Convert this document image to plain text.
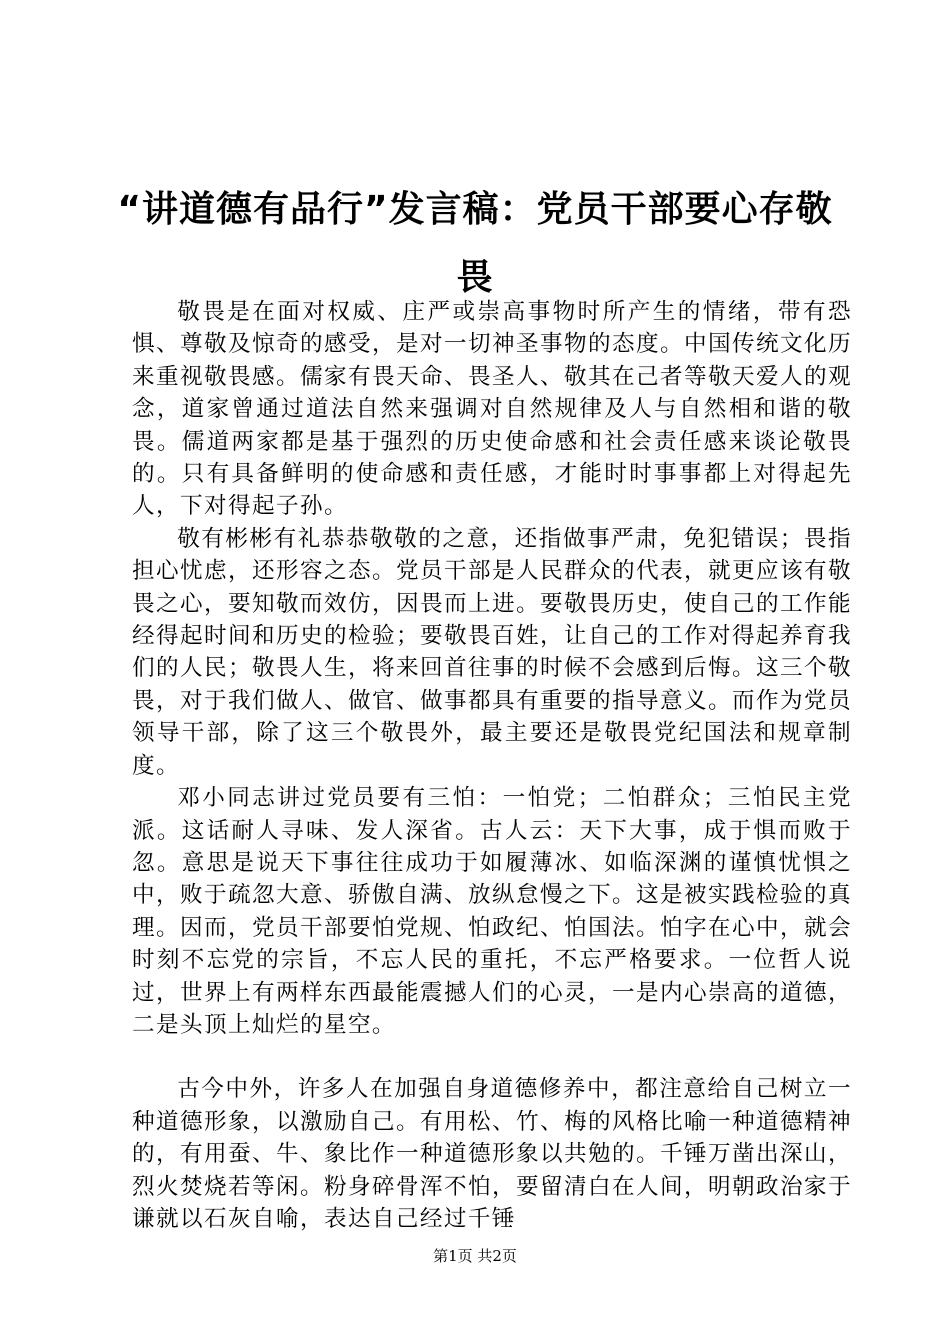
“讲道德有品行”发言稿：党员干部要心存敬畏

敬畏是在面对权威、庄严或崇高事物时所产生的情绪，带有恐惧、尊敬及惊奇的感受，是对一切神圣事物的态度。中国传统文化历来重视敬畏感。儒家有畏天命、畏圣人、敬其在己者等敬天爱人的观念，道家曾通过道法自然来强调对自然规律及人与自然相和谐的敬畏。儒道两家都是基于强烈的历史使命感和社会责任感来谈论敬畏的。只有具备鲜明的使命感和责任感，才能时时事事都上对得起先人，下对得起子孙。

敬有彬彬有礼恭恭敬敬的之意，还指做事严肃，免犯错误；畏指担心忧虑，还形容之态。党员干部是人民群众的代表，就更应该有敬畏之心，要知敬而效仿，因畏而上进。要敬畏历史，使自己的工作能经得起时间和历史的检验；要敬畏百姓，让自己的工作对得起养育我们的人民；敬畏人生，将来回首往事的时候不会感到后悔。这三个敬畏，对于我们做人、做官、做事都具有重要的指导意义。而作为党员领导干部，除了这三个敬畏外，最主要还是敬畏党纪国法和规章制度。

邓小同志讲过党员要有三怕：一怕党；二怕群众；三怕民主党派。这话耐人寻味、发人深省。古人云：天下大事，成于惧而败于忽。意思是说天下事往往成功于如履薄冰、如临深渊的谨慎忧惧之中，败于疏忽大意、骄傲自满、放纵怠慢之下。这是被实践检验的真理。因而，党员干部要怕党规、怕政纪、怕国法。怕字在心中，就会时刻不忘党的宗旨，不忘人民的重托，不忘严格要求。一位哲人说过，世界上有两样东西最能震撼人们的心灵，一是内心崇高的道德，二是头顶上灿烂的星空。

古今中外，许多人在加强自身道德修养中，都注意给自己树立一种道德形象，以激励自己。有用松、竹、梅的风格比喻一种道德精神的，有用蚕、牛、象比作一种道德形象以共勉的。千锤万凿出深山，烈火焚烧若等闲。粉身碎骨浑不怕，要留清白在人间，明朝政治家于谦就以石灰自喻，表达自己经过千锤

第1页 共2页
